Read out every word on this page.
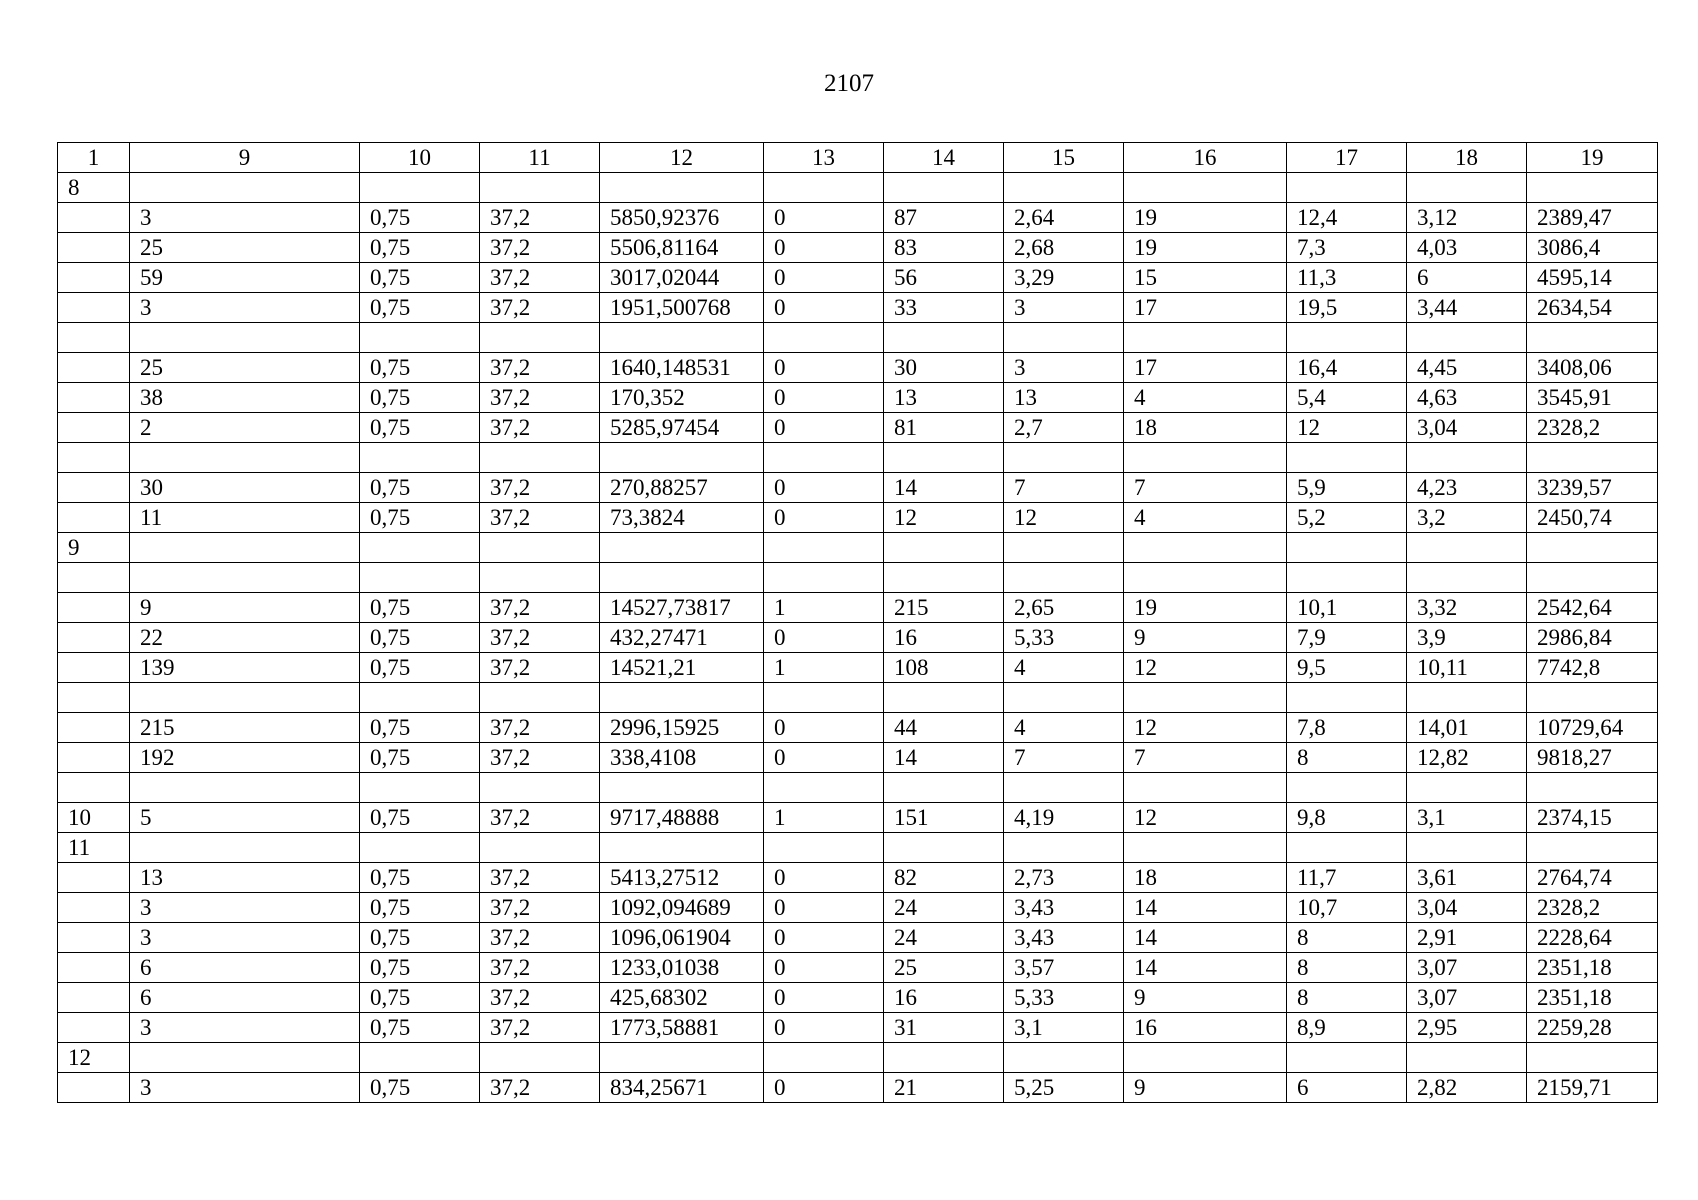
2107
1	9	10	11	12	13	14	15	16	17	18	19
8											
	3	0,75	37,2	5850,92376	0	87	2,64	19	12,4	3,12	2389,47
	25	0,75	37,2	5506,81164	0	83	2,68	19	7,3	4,03	3086,4
	59	0,75	37,2	3017,02044	0	56	3,29	15	11,3	6	4595,14
	3	0,75	37,2	1951,500768	0	33	3	17	19,5	3,44	2634,54

	25	0,75	37,2	1640,148531	0	30	3	17	16,4	4,45	3408,06
	38	0,75	37,2	170,352	0	13	13	4	5,4	4,63	3545,91
	2	0,75	37,2	5285,97454	0	81	2,7	18	12	3,04	2328,2

	30	0,75	37,2	270,88257	0	14	7	7	5,9	4,23	3239,57
	11	0,75	37,2	73,3824	0	12	12	4	5,2	3,2	2450,74
9											

	9	0,75	37,2	14527,73817	1	215	2,65	19	10,1	3,32	2542,64
	22	0,75	37,2	432,27471	0	16	5,33	9	7,9	3,9	2986,84
	139	0,75	37,2	14521,21	1	108	4	12	9,5	10,11	7742,8

	215	0,75	37,2	2996,15925	0	44	4	12	7,8	14,01	10729,64
	192	0,75	37,2	338,4108	0	14	7	7	8	12,82	9818,27

10	5	0,75	37,2	9717,48888	1	151	4,19	12	9,8	3,1	2374,15
11											
	13	0,75	37,2	5413,27512	0	82	2,73	18	11,7	3,61	2764,74
	3	0,75	37,2	1092,094689	0	24	3,43	14	10,7	3,04	2328,2
	3	0,75	37,2	1096,061904	0	24	3,43	14	8	2,91	2228,64
	6	0,75	37,2	1233,01038	0	25	3,57	14	8	3,07	2351,18
	6	0,75	37,2	425,68302	0	16	5,33	9	8	3,07	2351,18
	3	0,75	37,2	1773,58881	0	31	3,1	16	8,9	2,95	2259,28
12											
	3	0,75	37,2	834,25671	0	21	5,25	9	6	2,82	2159,71
